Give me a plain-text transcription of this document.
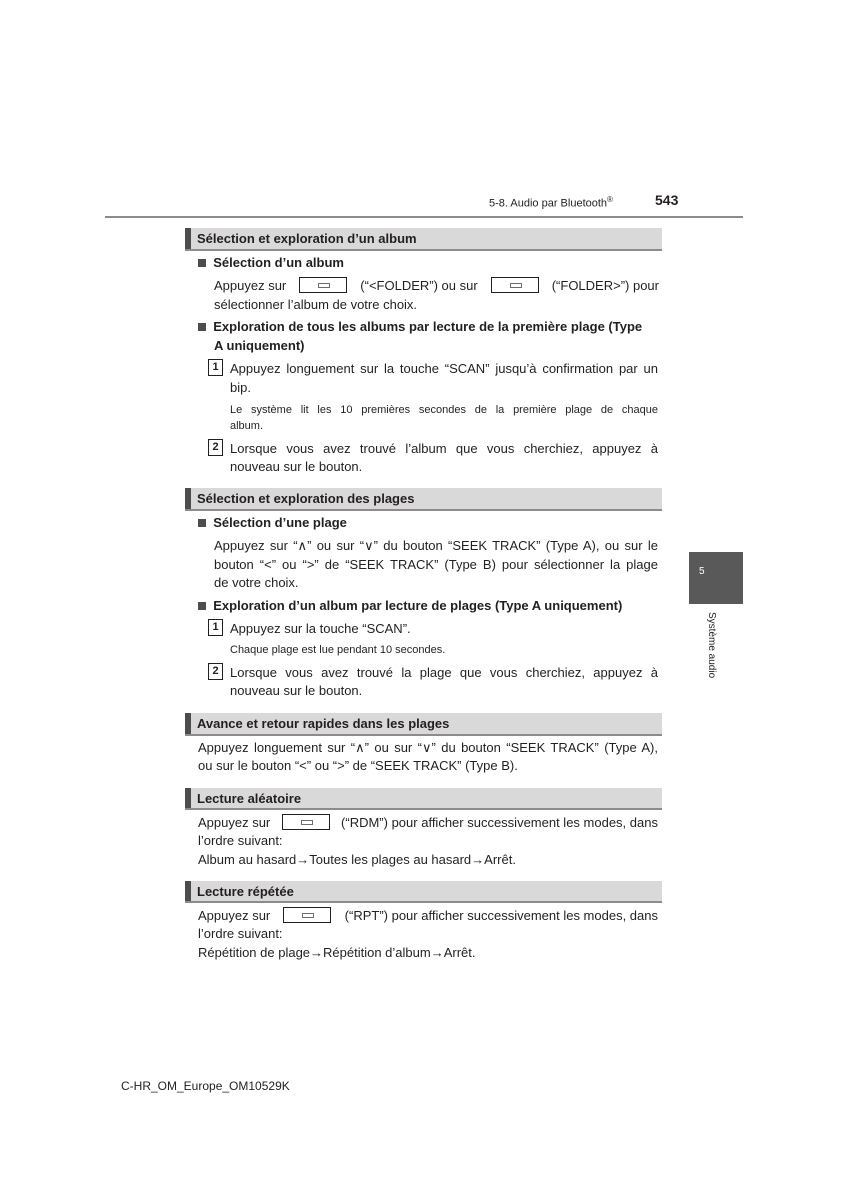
5-8. Audio par Bluetooth®	543
5
Système audio
Sélection et exploration d’un album
Sélection d’un album
Appuyez sur	(“<FOLDER”) ou sur	(“FOLDER>”) pour
sélectionner l’album de votre choix.
Exploration de tous les albums par lecture de la première plage (Type
A uniquement)
1 Appuyez longuement sur la touche “SCAN” jusqu’à confirmation par un
bip.
Le système lit les 10 premières secondes de la première plage de chaque
album.
2 Lorsque vous avez trouvé l’album que vous cherchiez, appuyez à
nouveau sur le bouton.
Sélection et exploration des plages
Sélection d’une plage
Appuyez sur “∧” ou sur “∨” du bouton “SEEK TRACK” (Type A), ou sur le
bouton “<” ou “>” de “SEEK TRACK” (Type B) pour sélectionner la plage
de votre choix.
Exploration d’un album par lecture de plages (Type A uniquement)
1 Appuyez sur la touche “SCAN”.
Chaque plage est lue pendant 10 secondes.
2 Lorsque vous avez trouvé la plage que vous cherchiez, appuyez à
nouveau sur le bouton.
Avance et retour rapides dans les plages
Appuyez longuement sur “∧” ou sur “∨” du bouton “SEEK TRACK” (Type A),
ou sur le bouton “<” ou “>” de “SEEK TRACK” (Type B).
Lecture aléatoire
Appuyez sur	(“RDM”) pour afficher successivement les modes, dans
l’ordre suivant:
Album au hasard→Toutes les plages au hasard→Arrêt.
Lecture répétée
Appuyez sur	(“RPT”) pour afficher successivement les modes, dans
l’ordre suivant:
Répétition de plage→Répétition d’album→Arrêt.
C-HR_OM_Europe_OM10529K
